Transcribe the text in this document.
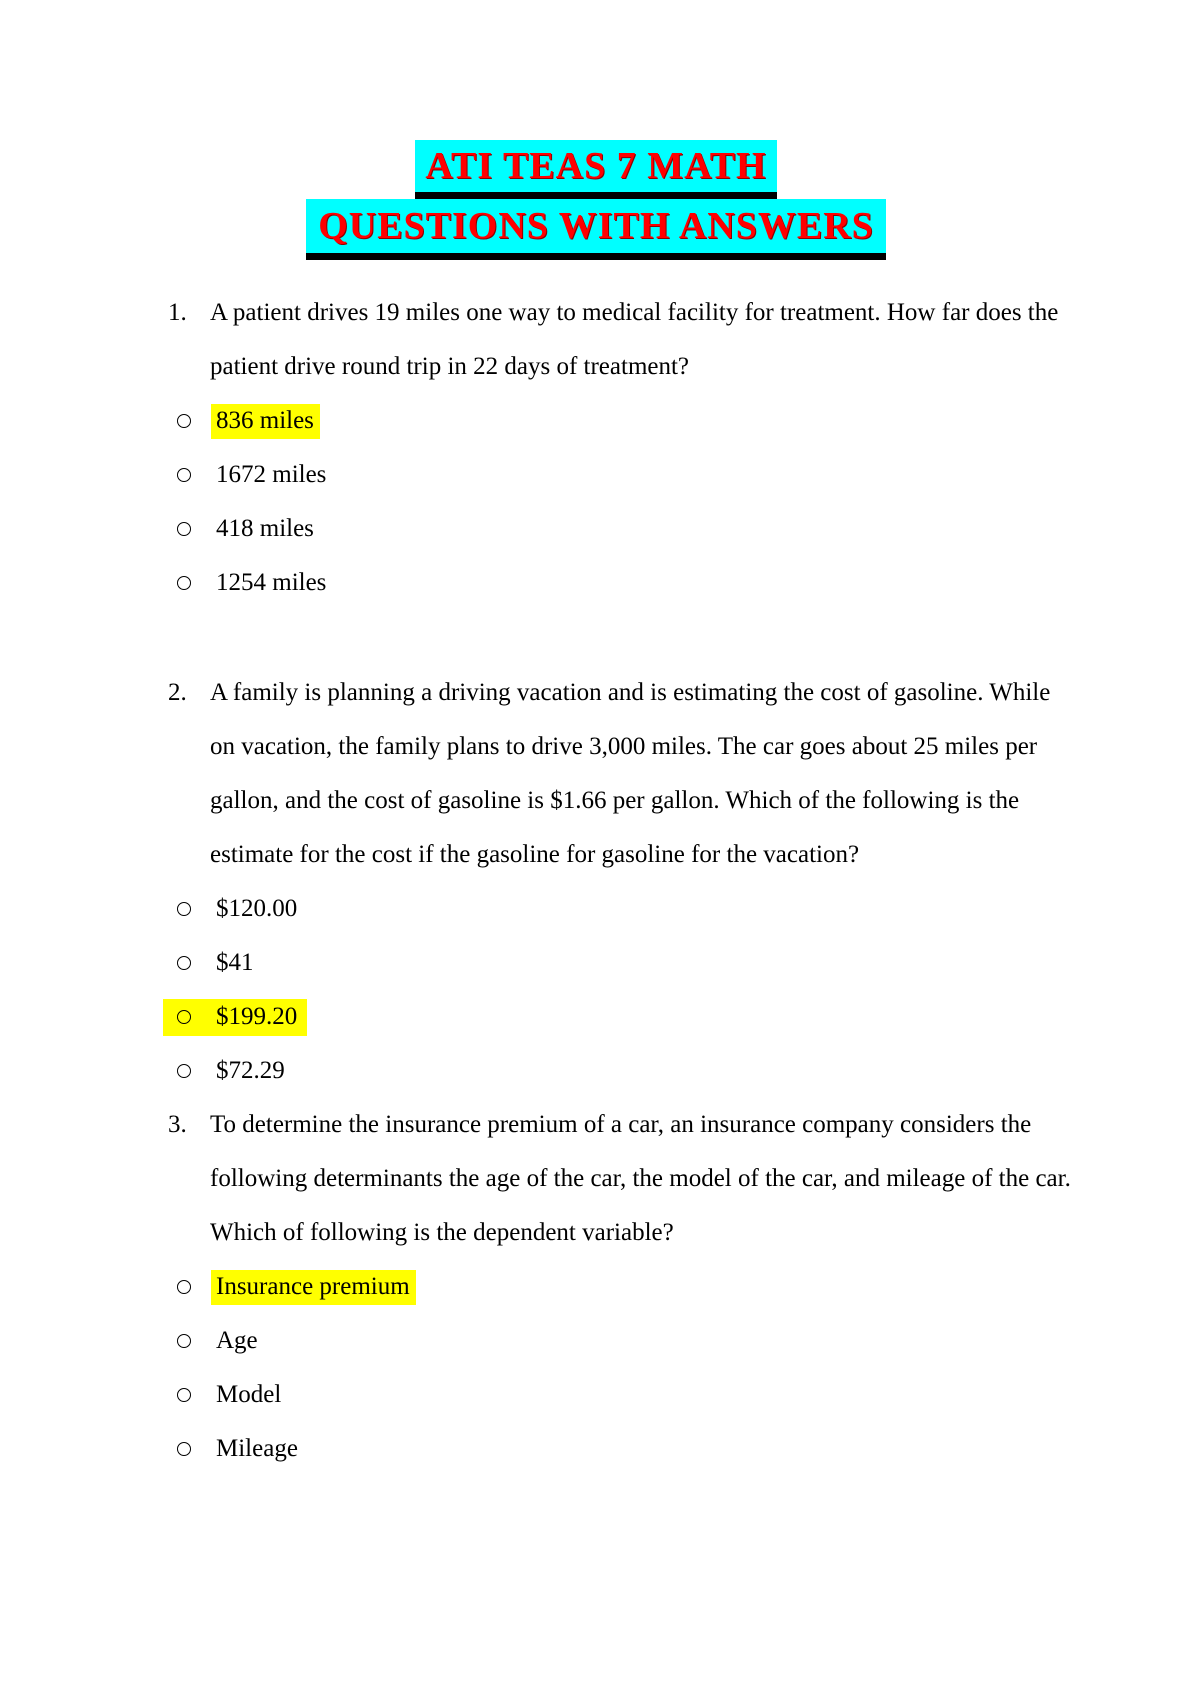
ATI TEAS 7 MATH
QUESTIONS WITH ANSWERS
1. A patient drives 19 miles one way to medical facility for treatment. How far does the
patient drive round trip in 22 days of treatment?
836 miles
1672 miles
418 miles
1254 miles
2. A family is planning a driving vacation and is estimating the cost of gasoline. While
on vacation, the family plans to drive 3,000 miles. The car goes about 25 miles per
gallon, and the cost of gasoline is $1.66 per gallon. Which of the following is the
estimate for the cost if the gasoline for gasoline for the vacation?
$120.00
$41
$199.20
$72.29
3. To determine the insurance premium of a car, an insurance company considers the
following determinants the age of the car, the model of the car, and mileage of the car.
Which of following is the dependent variable?
Insurance premium
Age
Model
Mileage
